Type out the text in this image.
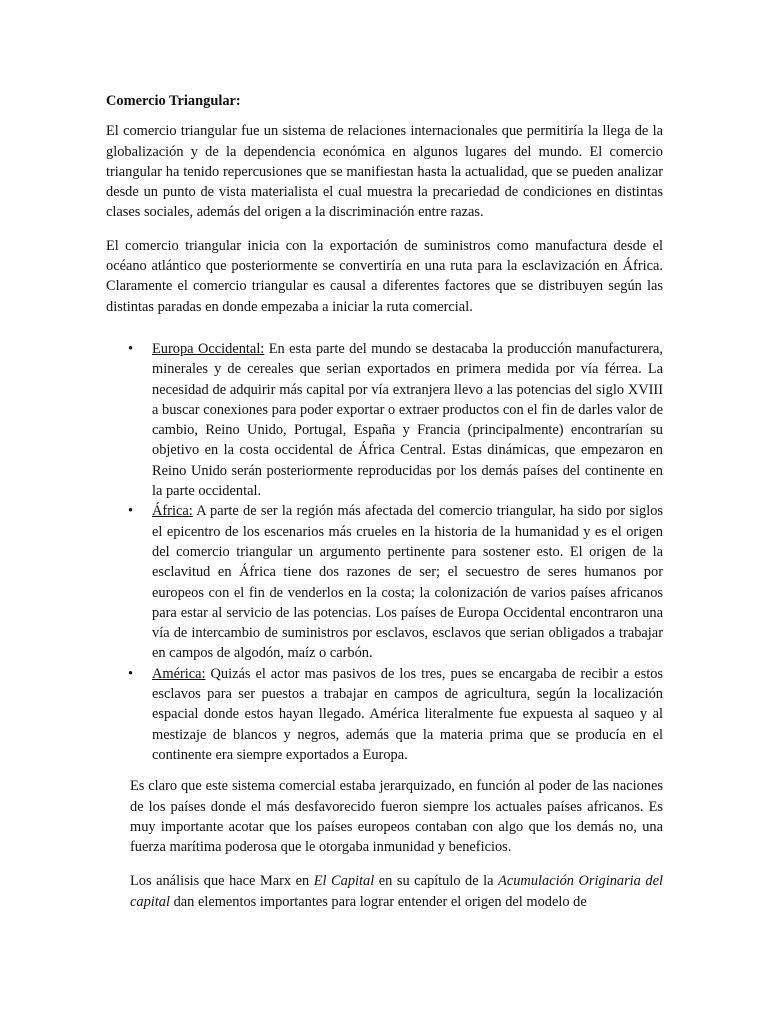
Comercio Triangular:

El comercio triangular fue un sistema de relaciones internacionales que permitiría la llega de la globalización y de la dependencia económica en algunos lugares del mundo. El comercio triangular ha tenido repercusiones que se manifiestan hasta la actualidad, que se pueden analizar desde un punto de vista materialista el cual muestra la precariedad de condiciones en distintas clases sociales, además del origen a la discriminación entre razas.

El comercio triangular inicia con la exportación de suministros como manufactura desde el océano atlántico que posteriormente se convertiría en una ruta para la esclavización en África. Claramente el comercio triangular es causal a diferentes factores que se distribuyen según las distintas paradas en donde empezaba a iniciar la ruta comercial.

• Europa Occidental: En esta parte del mundo se destacaba la producción manufacturera, minerales y de cereales que serian exportados en primera medida por vía férrea. La necesidad de adquirir más capital por vía extranjera llevo a las potencias del siglo XVIII a buscar conexiones para poder exportar o extraer productos con el fin de darles valor de cambio, Reino Unido, Portugal, España y Francia (principalmente) encontrarían su objetivo en la costa occidental de África Central. Estas dinámicas, que empezaron en Reino Unido serán posteriormente reproducidas por los demás países del continente en la parte occidental.
• África: A parte de ser la región más afectada del comercio triangular, ha sido por siglos el epicentro de los escenarios más crueles en la historia de la humanidad y es el origen del comercio triangular un argumento pertinente para sostener esto. El origen de la esclavitud en África tiene dos razones de ser; el secuestro de seres humanos por europeos con el fin de venderlos en la costa; la colonización de varios países africanos para estar al servicio de las potencias. Los países de Europa Occidental encontraron una vía de intercambio de suministros por esclavos, esclavos que serian obligados a trabajar en campos de algodón, maíz o carbón.
• América: Quizás el actor mas pasivos de los tres, pues se encargaba de recibir a estos esclavos para ser puestos a trabajar en campos de agricultura, según la localización espacial donde estos hayan llegado. América literalmente fue expuesta al saqueo y al mestizaje de blancos y negros, además que la materia prima que se producía en el continente era siempre exportados a Europa.

Es claro que este sistema comercial estaba jerarquizado, en función al poder de las naciones de los países donde el más desfavorecido fueron siempre los actuales países africanos. Es muy importante acotar que los países europeos contaban con algo que los demás no, una fuerza marítima poderosa que le otorgaba inmunidad y beneficios.

Los análisis que hace Marx en El Capital en su capítulo de la Acumulación Originaria del capital dan elementos importantes para lograr entender el origen del modelo de
